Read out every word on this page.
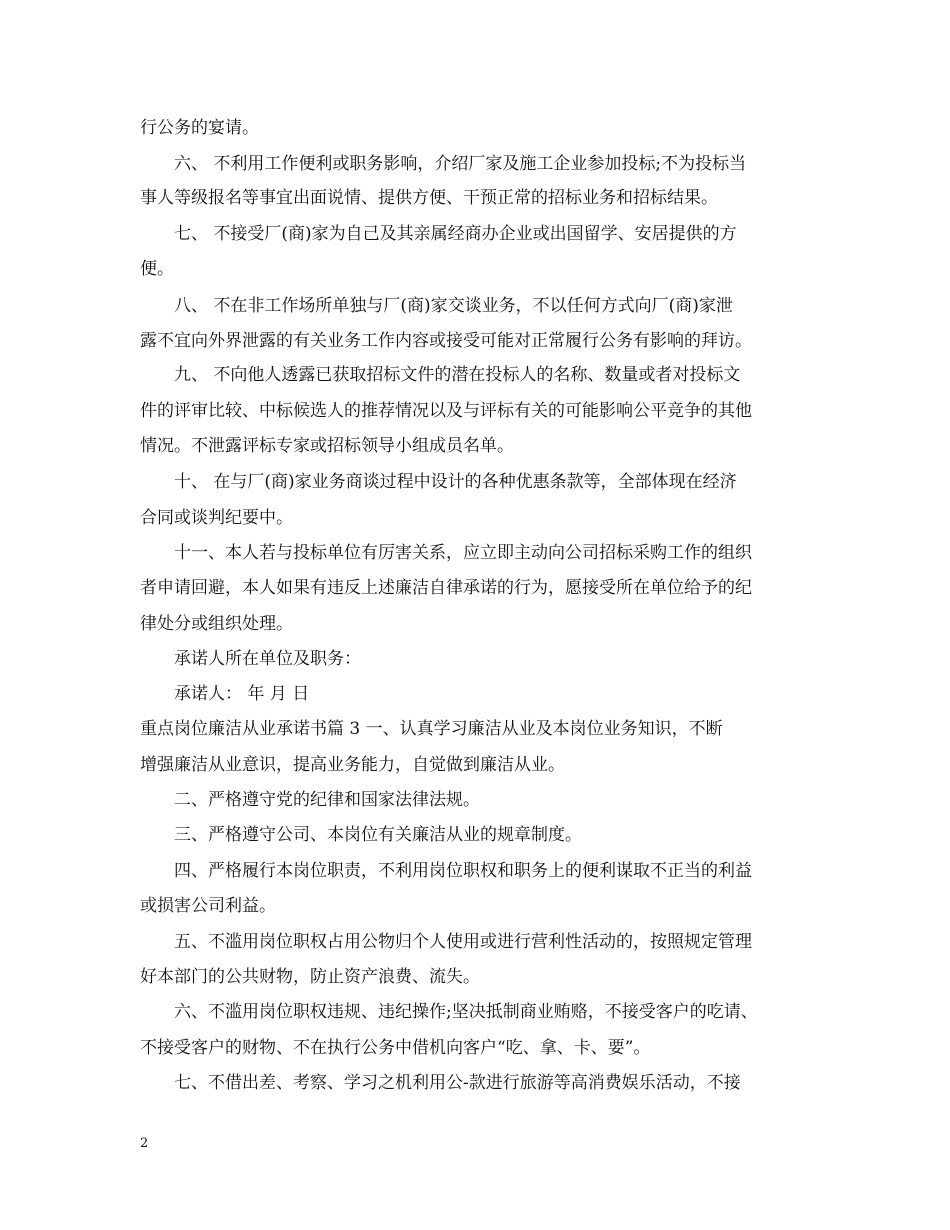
行公务的宴请。
六、 不利用工作便利或职务影响，介绍厂家及施工企业参加投标;不为投标当
事人等级报名等事宜出面说情、提供方便、干预正常的招标业务和招标结果。
七、 不接受厂(商)家为自己及其亲属经商办企业或出国留学、安居提供的方
便。
八、 不在非工作场所单独与厂(商)家交谈业务，不以任何方式向厂(商)家泄
露不宜向外界泄露的有关业务工作内容或接受可能对正常履行公务有影响的拜访。
九、 不向他人透露已获取招标文件的潜在投标人的名称、数量或者对投标文
件的评审比较、中标候选人的推荐情况以及与评标有关的可能影响公平竞争的其他
情况。不泄露评标专家或招标领导小组成员名单。
十、 在与厂(商)家业务商谈过程中设计的各种优惠条款等，全部体现在经济
合同或谈判纪要中。
十一、本人若与投标单位有厉害关系，应立即主动向公司招标采购工作的组织
者申请回避，本人如果有违反上述廉洁自律承诺的行为，愿接受所在单位给予的纪
律处分或组织处理。
承诺人所在单位及职务：
承诺人： 年 月 日
重点岗位廉洁从业承诺书篇 3 一、认真学习廉洁从业及本岗位业务知识，不断
增强廉洁从业意识，提高业务能力，自觉做到廉洁从业。
二、严格遵守党的纪律和国家法律法规。
三、严格遵守公司、本岗位有关廉洁从业的规章制度。
四、严格履行本岗位职责，不利用岗位职权和职务上的便利谋取不正当的利益
或损害公司利益。
五、不滥用岗位职权占用公物归个人使用或进行营利性活动的，按照规定管理
好本部门的公共财物，防止资产浪费、流失。
六、不滥用岗位职权违规、违纪操作;坚决抵制商业贿赂，不接受客户的吃请、
不接受客户的财物、不在执行公务中借机向客户“吃、拿、卡、要”。
七、不借出差、考察、学习之机利用公-款进行旅游等高消费娱乐活动，不接
2
